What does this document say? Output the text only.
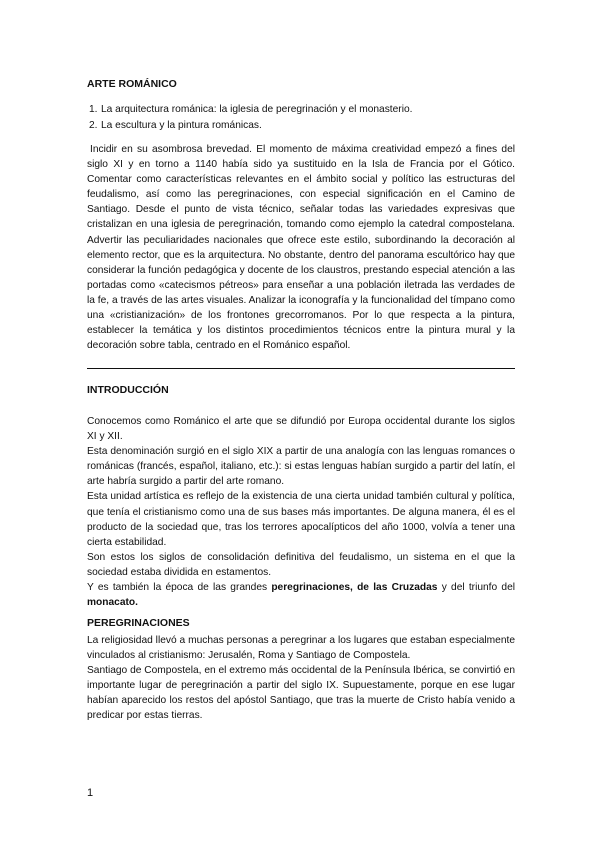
ARTE ROMÁNICO
1. La arquitectura románica: la iglesia de peregrinación y el monasterio.
2. La escultura y la pintura románicas.

Incidir en su asombrosa brevedad. El momento de máxima creatividad empezó a fines del siglo XI y en torno a 1140 había sido ya sustituido en la Isla de Francia por el Gótico. Comentar como características relevantes en el ámbito social y político las estructuras del feudalismo, así como las peregrinaciones, con especial significación en el Camino de Santiago. Desde el punto de vista técnico, señalar todas las variedades expresivas que cristalizan en una iglesia de peregrinación, tomando como ejemplo la catedral compostelana. Advertir las peculiaridades nacionales que ofrece este estilo, subordinando la decoración al elemento rector, que es la arquitectura. No obstante, dentro del panorama escultórico hay que considerar la función pedagógica y docente de los claustros, prestando especial atención a las portadas como «catecismos pétreos» para enseñar a una población iletrada las verdades de la fe, a través de las artes visuales. Analizar la iconografía y la funcionalidad del tímpano como una «cristianización» de los frontones grecorromanos. Por lo que respecta a la pintura, establecer la temática y los distintos procedimientos técnicos entre la pintura mural y la decoración sobre tabla, centrado en el Románico español.

INTRODUCCIÓN

Conocemos como Románico el arte que se difundió por Europa occidental durante los siglos XI y XII.

Esta denominación surgió en el siglo XIX a partir de una analogía con las lenguas romances o románicas (francés, español, italiano, etc.): si estas lenguas habían surgido a partir del latín, el arte habría surgido a partir del arte romano.

Esta unidad artística es reflejo de la existencia de una cierta unidad también cultural y política, que tenía el cristianismo como una de sus bases más importantes. De alguna manera, él es el producto de la sociedad que, tras los terrores apocalípticos del año 1000, volvía a tener una cierta estabilidad.

Son estos los siglos de consolidación definitiva del feudalismo, un sistema en el que la sociedad estaba dividida en estamentos.

Y es también la época de las grandes peregrinaciones, de las Cruzadas y del triunfo del monacato.

PEREGRINACIONES

La religiosidad llevó a muchas personas a peregrinar a los lugares que estaban especialmente vinculados al cristianismo: Jerusalén, Roma y Santiago de Compostela.

Santiago de Compostela, en el extremo más occidental de la Península Ibérica, se convirtió en importante lugar de peregrinación a partir del siglo IX. Supuestamente, porque en ese lugar habían aparecido los restos del apóstol Santiago, que tras la muerte de Cristo había venido a predicar por estas tierras.

1
